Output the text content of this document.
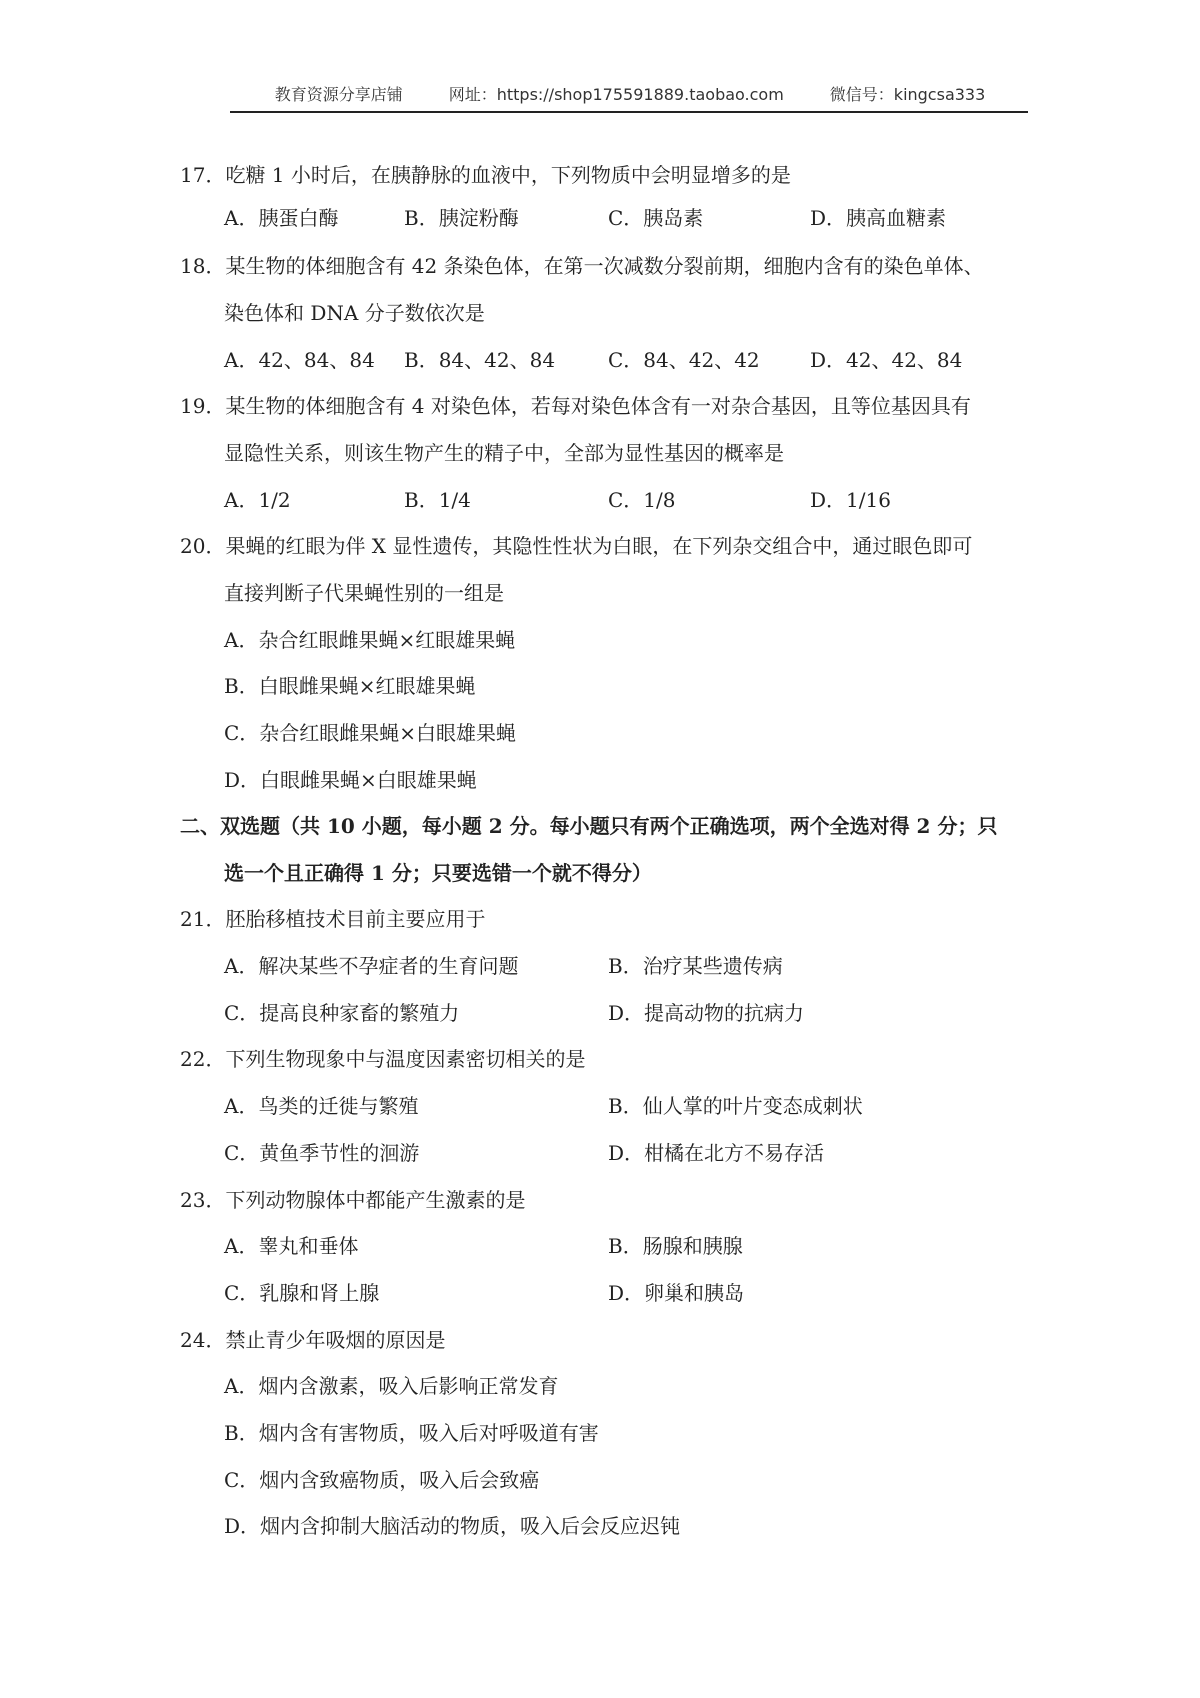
教育资源分享店铺	网址：https://shop175591889.taobao.com	微信号：kingcsa333
17．吃糖 1 小时后，在胰静脉的血液中，下列物质中会明显增多的是
A．胰蛋白酶	B．胰淀粉酶	C．胰岛素	D．胰高血糖素
18．某生物的体细胞含有 42 条染色体，在第一次减数分裂前期，细胞内含有的染色单体、
染色体和 DNA 分子数依次是
A．42、84、84 B．84、42、84	C．84、42、42	D．42、42、84
19．某生物的体细胞含有 4 对染色体，若每对染色体含有一对杂合基因，且等位基因具有
显隐性关系，则该生物产生的精子中，全部为显性基因的概率是
A．1/2	B．1/4	C．1/8	D．1/16
20．果蝇的红眼为伴 X 显性遗传，其隐性性状为白眼，在下列杂交组合中，通过眼色即可
直接判断子代果蝇性别的一组是
A．杂合红眼雌果蝇×红眼雄果蝇
B．白眼雌果蝇×红眼雄果蝇
C．杂合红眼雌果蝇×白眼雄果蝇
D．白眼雌果蝇×白眼雄果蝇
二、双选题（共 10 小题，每小题 2 分。每小题只有两个正确选项，两个全选对得 2 分；只
选一个且正确得 1 分；只要选错一个就不得分）
21．胚胎移植技术目前主要应用于
A．解决某些不孕症者的生育问题	B．治疗某些遗传病
C．提高良种家畜的繁殖力	D．提高动物的抗病力
22．下列生物现象中与温度因素密切相关的是
A．鸟类的迁徙与繁殖	B．仙人掌的叶片变态成刺状
C．黄鱼季节性的洄游	D．柑橘在北方不易存活
23．下列动物腺体中都能产生激素的是
A．睾丸和垂体	B．肠腺和胰腺
C．乳腺和肾上腺	D．卵巢和胰岛
24．禁止青少年吸烟的原因是
A．烟内含激素，吸入后影响正常发育
B．烟内含有害物质，吸入后对呼吸道有害
C．烟内含致癌物质，吸入后会致癌
D．烟内含抑制大脑活动的物质，吸入后会反应迟钝
